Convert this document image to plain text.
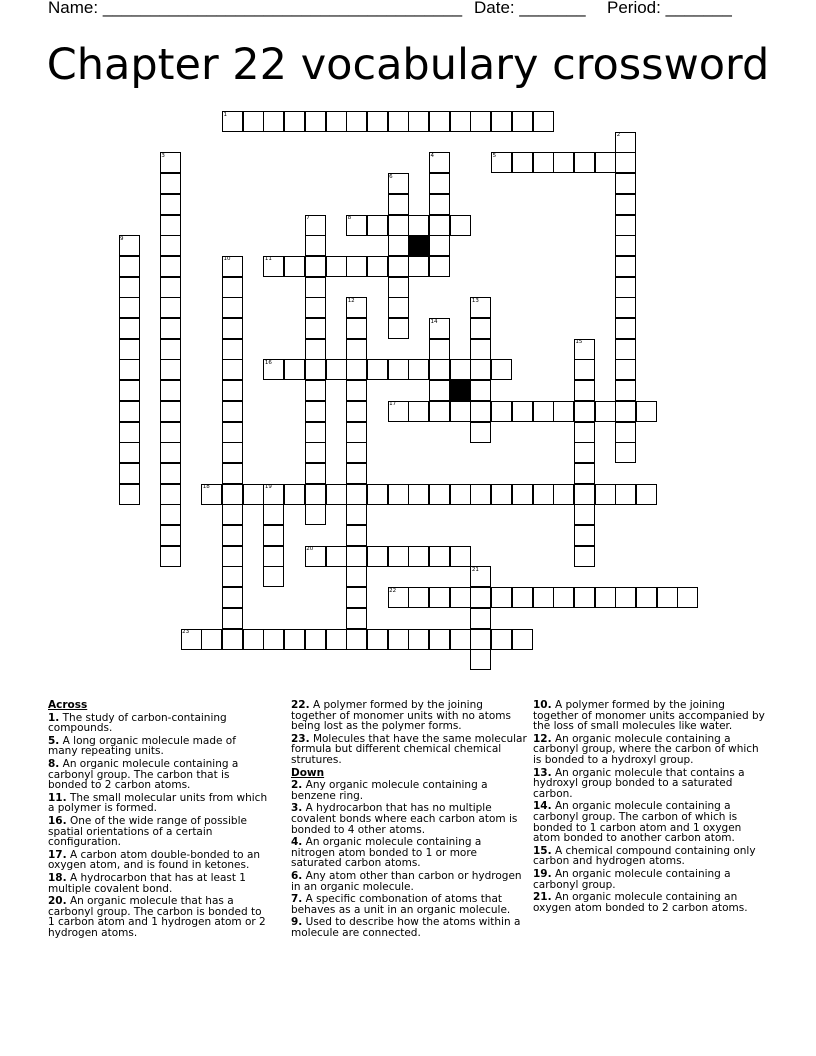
Name: ______________________________________ Date: _______ Period: _______
Chapter 22 vocabulary crossword
1
2
3	4	5
6
7	8
9
10	11
12	13
14
15
16
17
18	19
20
21
22
23
Across
1. The study of carbon-containing compounds.
5. A long organic molecule made of many repeating units.
8. An organic molecule containing a carbonyl group. The carbon that is bonded to 2 carbon atoms.
11. The small molecular units from which a polymer is formed.
16. One of the wide range of possible spatial orientations of a certain configuration.
17. A carbon atom double-bonded to an oxygen atom, and is found in ketones.
18. A hydrocarbon that has at least 1 multiple covalent bond.
20. An organic molecule that has a carbonyl group. The carbon is bonded to 1 carbon atom and 1 hydrogen atom or 2 hydrogen atoms.
22. A polymer formed by the joining together of monomer units with no atoms being lost as the polymer forms.
23. Molecules that have the same molecular formula but different chemical chemical strutures.
Down
2. Any organic molecule containing a benzene ring.
3. A hydrocarbon that has no multiple covalent bonds where each carbon atom is bonded to 4 other atoms.
4. An organic molecule containing a nitrogen atom bonded to 1 or more saturated carbon atoms.
6. Any atom other than carbon or hydrogen in an organic molecule.
7. A specific combonation of atoms that behaves as a unit in an organic molecule.
9. Used to describe how the atoms within a molecule are connected.
10. A polymer formed by the joining together of monomer units accompanied by the loss of small molecules like water.
12. An organic molecule containing a carbonyl group, where the carbon of which is bonded to a hydroxyl group.
13. An organic molecule that contains a hydroxyl group bonded to a saturated carbon.
14. An organic molecule containing a carbonyl group. The carbon of which is bonded to 1 carbon atom and 1 oxygen atom bonded to another carbon atom.
15. A chemical compound containing only carbon and hydrogen atoms.
19. An organic molecule containing a carbonyl group.
21. An organic molecule containing an oxygen atom bonded to 2 carbon atoms.
